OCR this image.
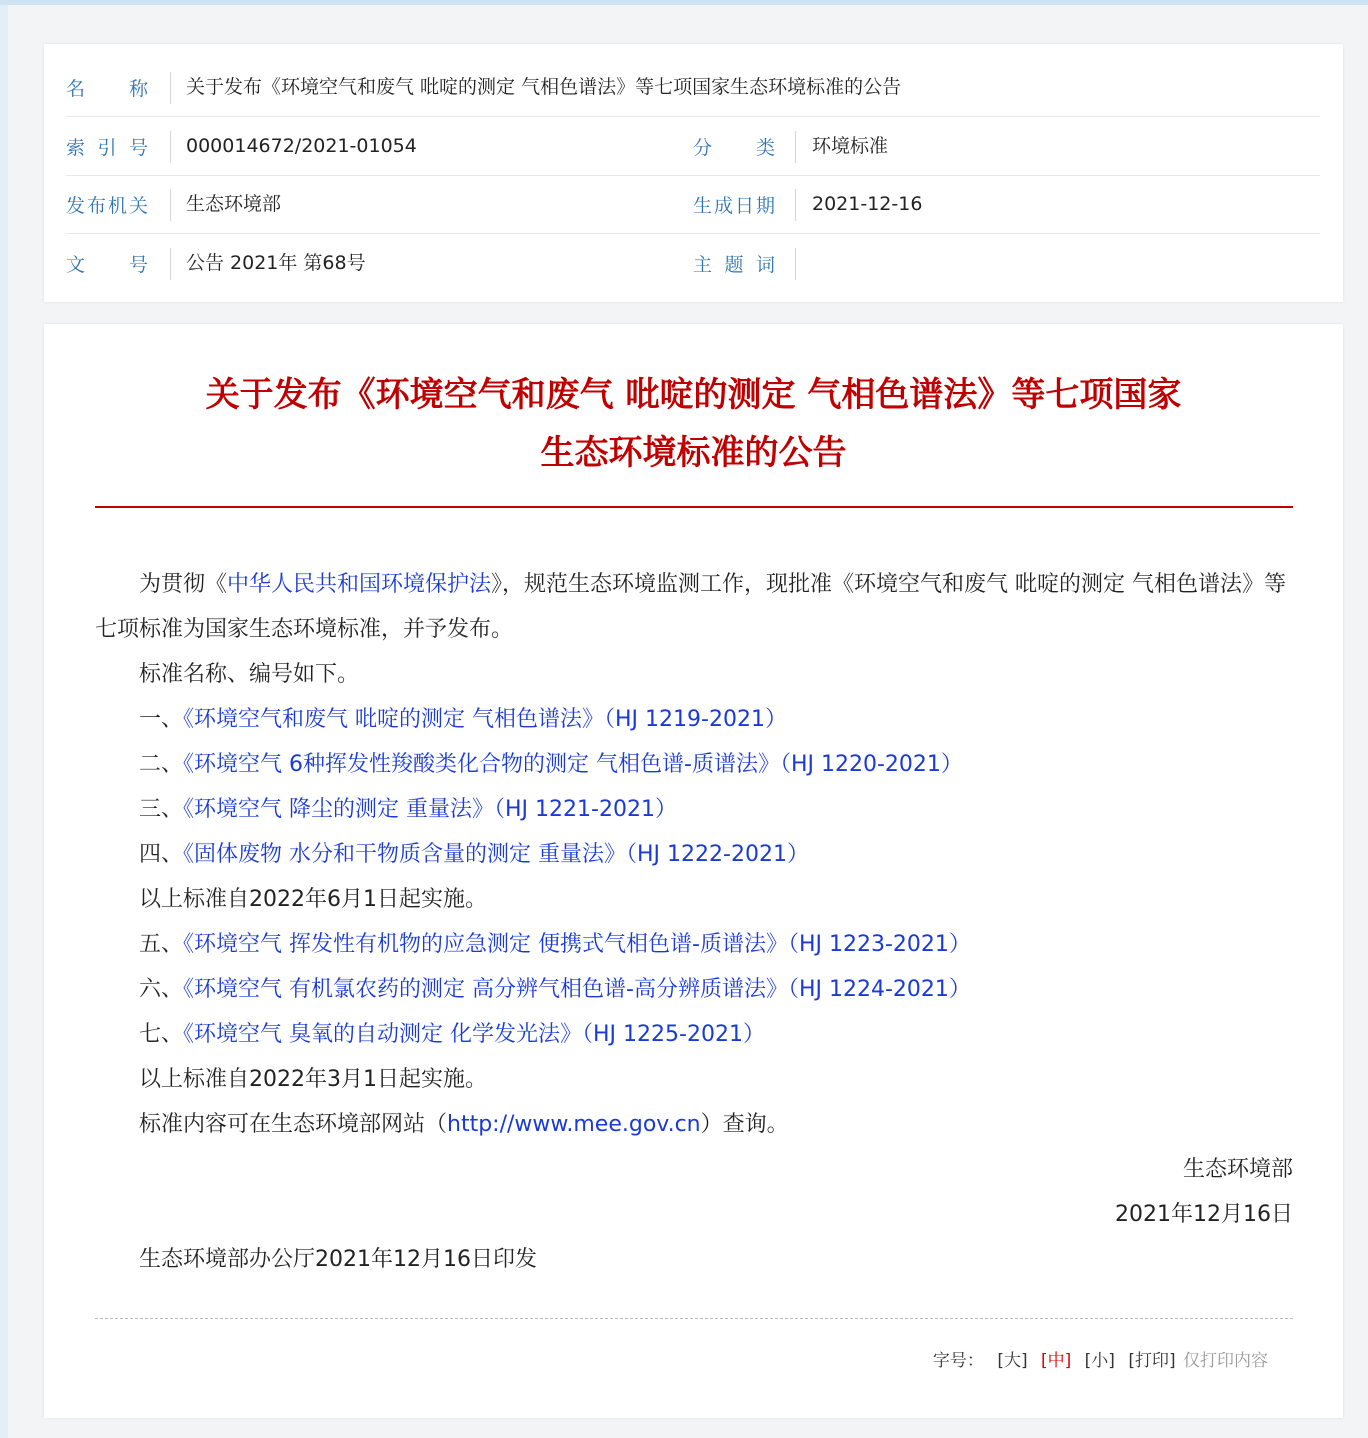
名　　称 关于发布《环境空气和废气 吡啶的测定 气相色谱法》等七项国家生态环境标准的公告
索 引 号 000014672/2021-01054	分　　类 环境标准
发布机关 生态环境部	生成日期 2021-12-16
文　　号 公告 2021年 第68号	主 题 词
关于发布《环境空气和废气 吡啶的测定 气相色谱法》等七项国家
生态环境标准的公告

为贯彻《中华人民共和国环境保护法》，规范生态环境监测工作，现批准《环境空气和废气 吡啶的测定 气相色谱法》等七项标准为国家生态环境标准，并予发布。

标准名称、编号如下。

一、《环境空气和废气 吡啶的测定 气相色谱法》（HJ 1219-2021）

二、《环境空气 6种挥发性羧酸类化合物的测定 气相色谱-质谱法》（HJ 1220-2021）

三、《环境空气 降尘的测定 重量法》（HJ 1221-2021）

四、《固体废物 水分和干物质含量的测定 重量法》（HJ 1222-2021）

以上标准自2022年6月1日起实施。

五、《环境空气 挥发性有机物的应急测定 便携式气相色谱-质谱法》（HJ 1223-2021）

六、《环境空气 有机氯农药的测定 高分辨气相色谱-高分辨质谱法》（HJ 1224-2021）

七、《环境空气 臭氧的自动测定 化学发光法》（HJ 1225-2021）

以上标准自2022年3月1日起实施。

标准内容可在生态环境部网站（http://www.mee.gov.cn）查询。

生态环境部

2021年12月16日

生态环境部办公厅2021年12月16日印发

字号： [大] [中] [小] [打印] 仅打印内容
